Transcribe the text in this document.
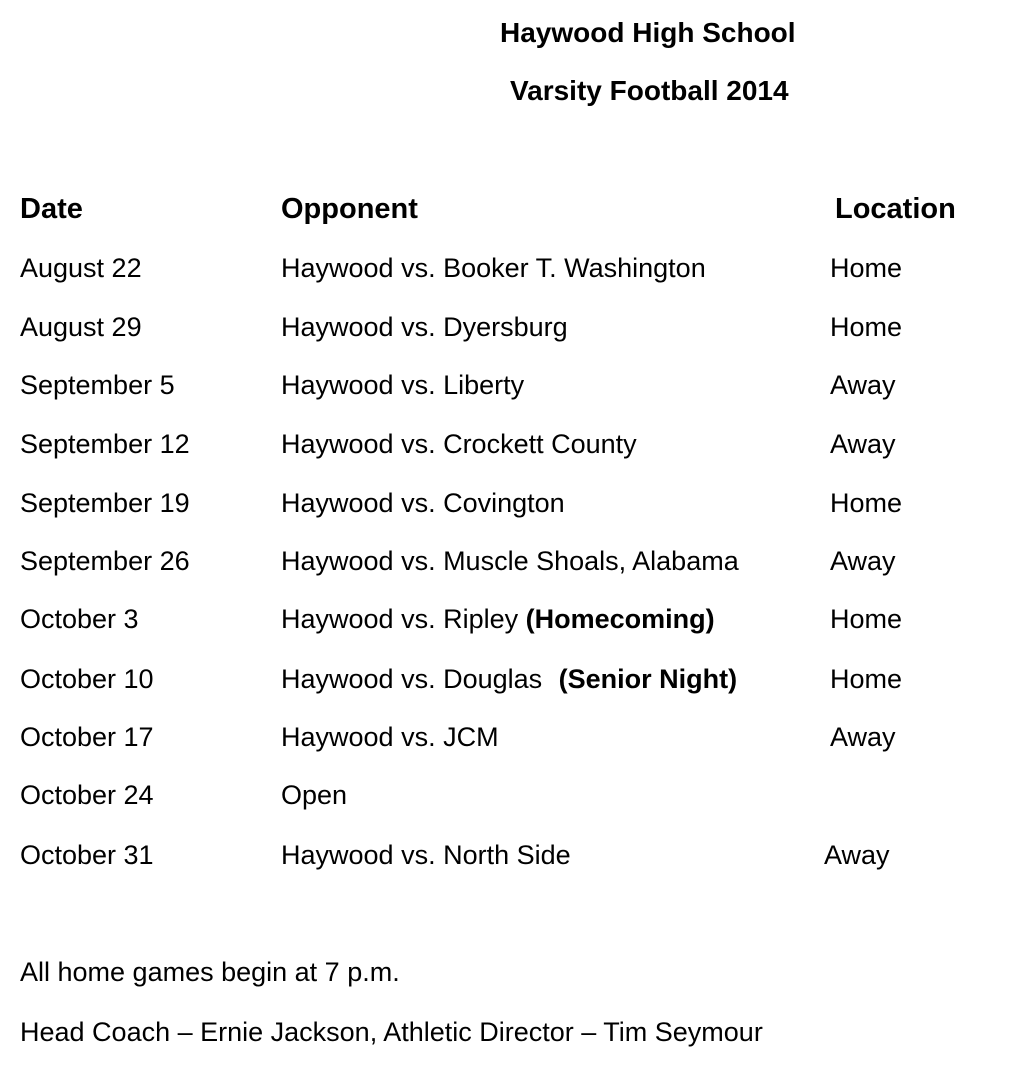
Haywood High School
Varsity Football 2014
Date	Opponent	Location
August 22	Haywood vs. Booker T. Washington	Home
August 29	Haywood vs. Dyersburg	Home
September 5	Haywood vs. Liberty	Away
September 12	Haywood vs. Crockett County	Away
September 19	Haywood vs. Covington	Home
September 26	Haywood vs. Muscle Shoals, Alabama	Away
October 3	Haywood vs. Ripley (Homecoming)	Home
October 10	Haywood vs. Douglas (Senior Night)	Home
October 17	Haywood vs. JCM	Away
October 24	Open
October 31	Haywood vs. North Side	Away
All home games begin at 7 p.m.
Head Coach – Ernie Jackson, Athletic Director – Tim Seymour
